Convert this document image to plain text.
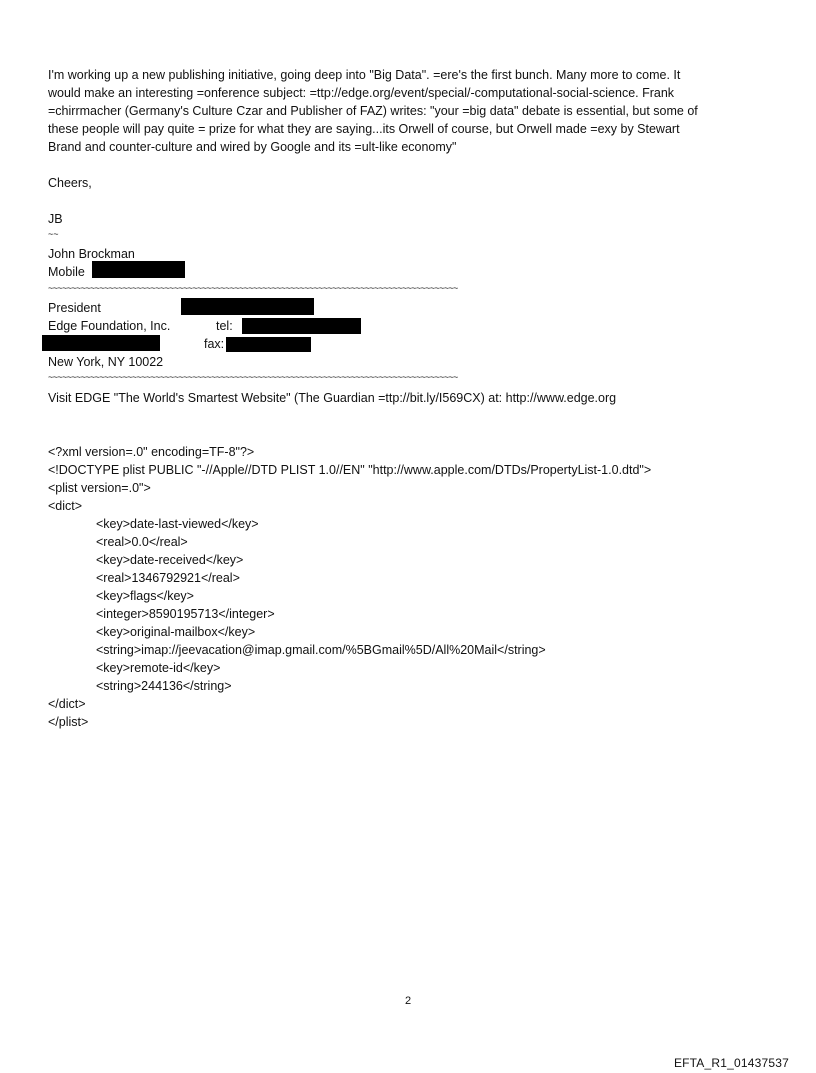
I'm working up a new publishing initiative, going deep into "Big Data". =ere's the first bunch. Many more to come. It
would make an interesting =onference subject: =ttp://edge.org/event/special/-computational-social-science. Frank
=chirrmacher (Germany's Culture Czar and Publisher of FAZ) writes: "your =big data" debate is essential, but some of
these people will pay quite = prize for what they are saying...its Orwell of course, but Orwell made =exy by Stewart
Brand and counter-culture and wired by Google and its =ult-like economy"
Cheers,
JB
~~
John Brockman
Mobile
~~~~~~~~~~~~~~~~~~~~~~~~~~~~~~~~~~~~~~~~~~~~~~~~~~~~~~~~~~~~~~~~~~~~~~~~~~~~~~~~~~~~~~~~
President
Edge Foundation, Inc.	tel:
fax:
New York, NY 10022
~~~~~~~~~~~~~~~~~~~~~~~~~~~~~~~~~~~~~~~~~~~~~~~~~~~~~~~~~~~~~~~~~~~~~~~~~~~~~~~~~~~~~~~~
Visit EDGE "The World's Smartest Website" (The Guardian =ttp://bit.ly/I569CX) at: http://www.edge.org
<?xml version=.0" encoding=TF-8"?>
<!DOCTYPE plist PUBLIC "-//Apple//DTD PLIST 1.0//EN" "http://www.apple.com/DTDs/PropertyList-1.0.dtd">
<plist version=.0">
<dict>
<key>date-last-viewed</key>
<real>0.0</real>
<key>date-received</key>
<real>1346792921</real>
<key>flags</key>
<integer>8590195713</integer>
<key>original-mailbox</key>
<string>imap://jeevacation@imap.gmail.com/%5BGmail%5D/All%20Mail</string>
<key>remote-id</key>
<string>244136</string>
</dict>
</plist>
2
EFTA_R1_01437537
